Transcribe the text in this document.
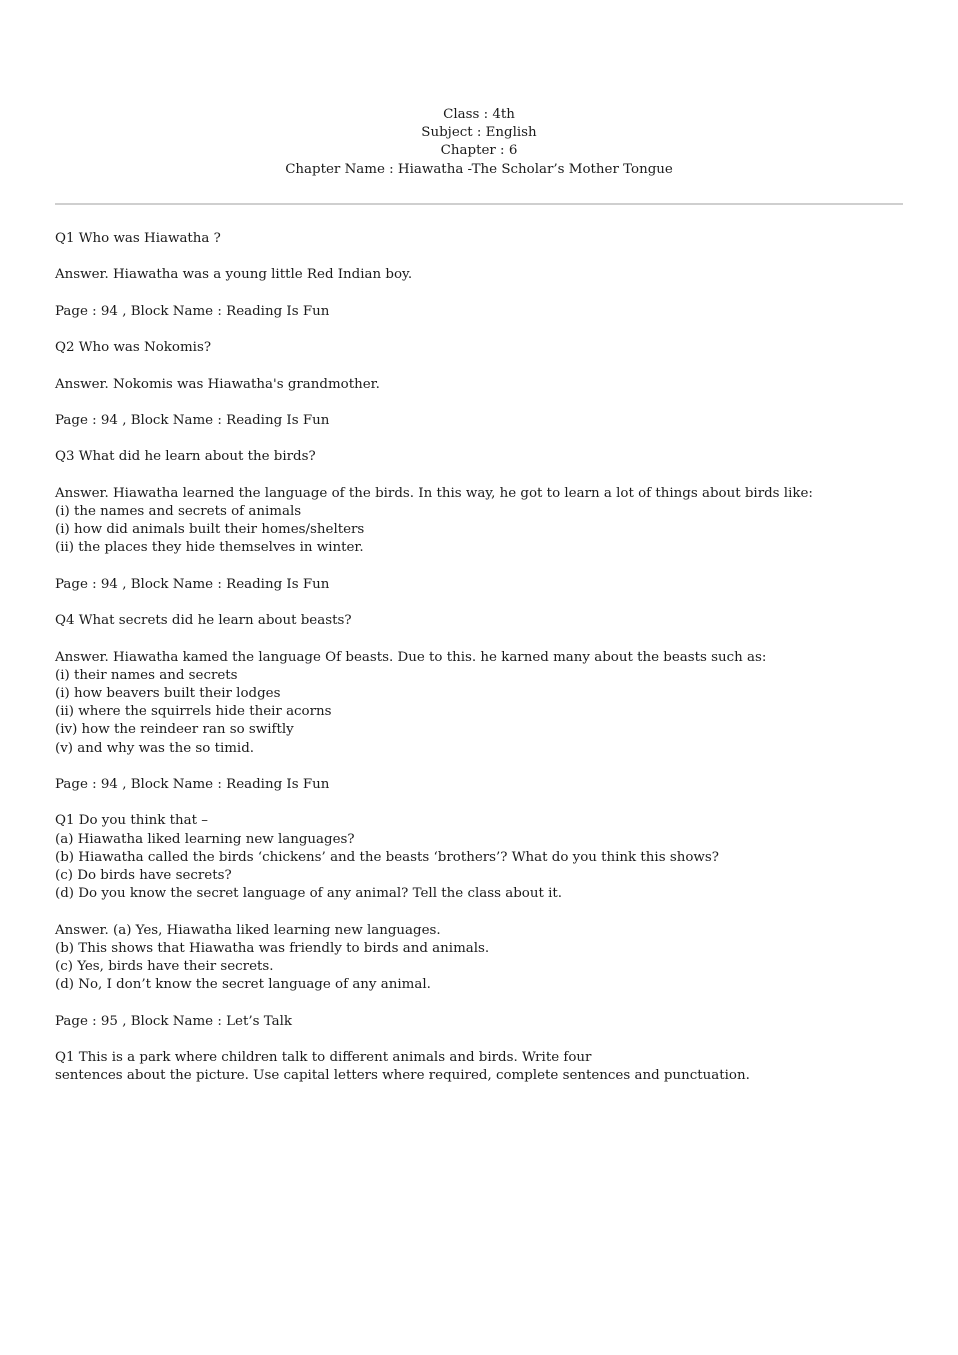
Class : 4th
Subject : English
Chapter : 6
Chapter Name : Hiawatha -The Scholar’s Mother Tongue

Q1 Who was Hiawatha ?

Answer. Hiawatha was a young little Red Indian boy.

Page : 94 , Block Name : Reading Is Fun

Q2 Who was Nokomis?

Answer. Nokomis was Hiawatha's grandmother.

Page : 94 , Block Name : Reading Is Fun

Q3 What did he learn about the birds?

Answer. Hiawatha learned the language of the birds. In this way, he got to learn a lot of things about birds like:
(i) the names and secrets of animals
(i) how did animals built their homes/shelters
(ii) the places they hide themselves in winter.

Page : 94 , Block Name : Reading Is Fun

Q4 What secrets did he learn about beasts?

Answer. Hiawatha kamed the language Of beasts. Due to this. he karned many about the beasts such as:
(i) their names and secrets
(i) how beavers built their lodges
(ii) where the squirrels hide their acorns
(iv) how the reindeer ran so swiftly
(v) and why was the so timid.

Page : 94 , Block Name : Reading Is Fun

Q1 Do you think that –
(a) Hiawatha liked learning new languages?
(b) Hiawatha called the birds ‘chickens’ and the beasts ‘brothers’? What do you think this shows?
(c) Do birds have secrets?
(d) Do you know the secret language of any animal? Tell the class about it.
Answer. (a) Yes, Hiawatha liked learning new languages.
(b) This shows that Hiawatha was friendly to birds and animals.
(c) Yes, birds have their secrets.
(d) No, I don’t know the secret language of any animal.

Page : 95 , Block Name : Let’s Talk

Q1 This is a park where children talk to different animals and birds. Write four
sentences about the picture. Use capital letters where required, complete sentences and punctuation.
